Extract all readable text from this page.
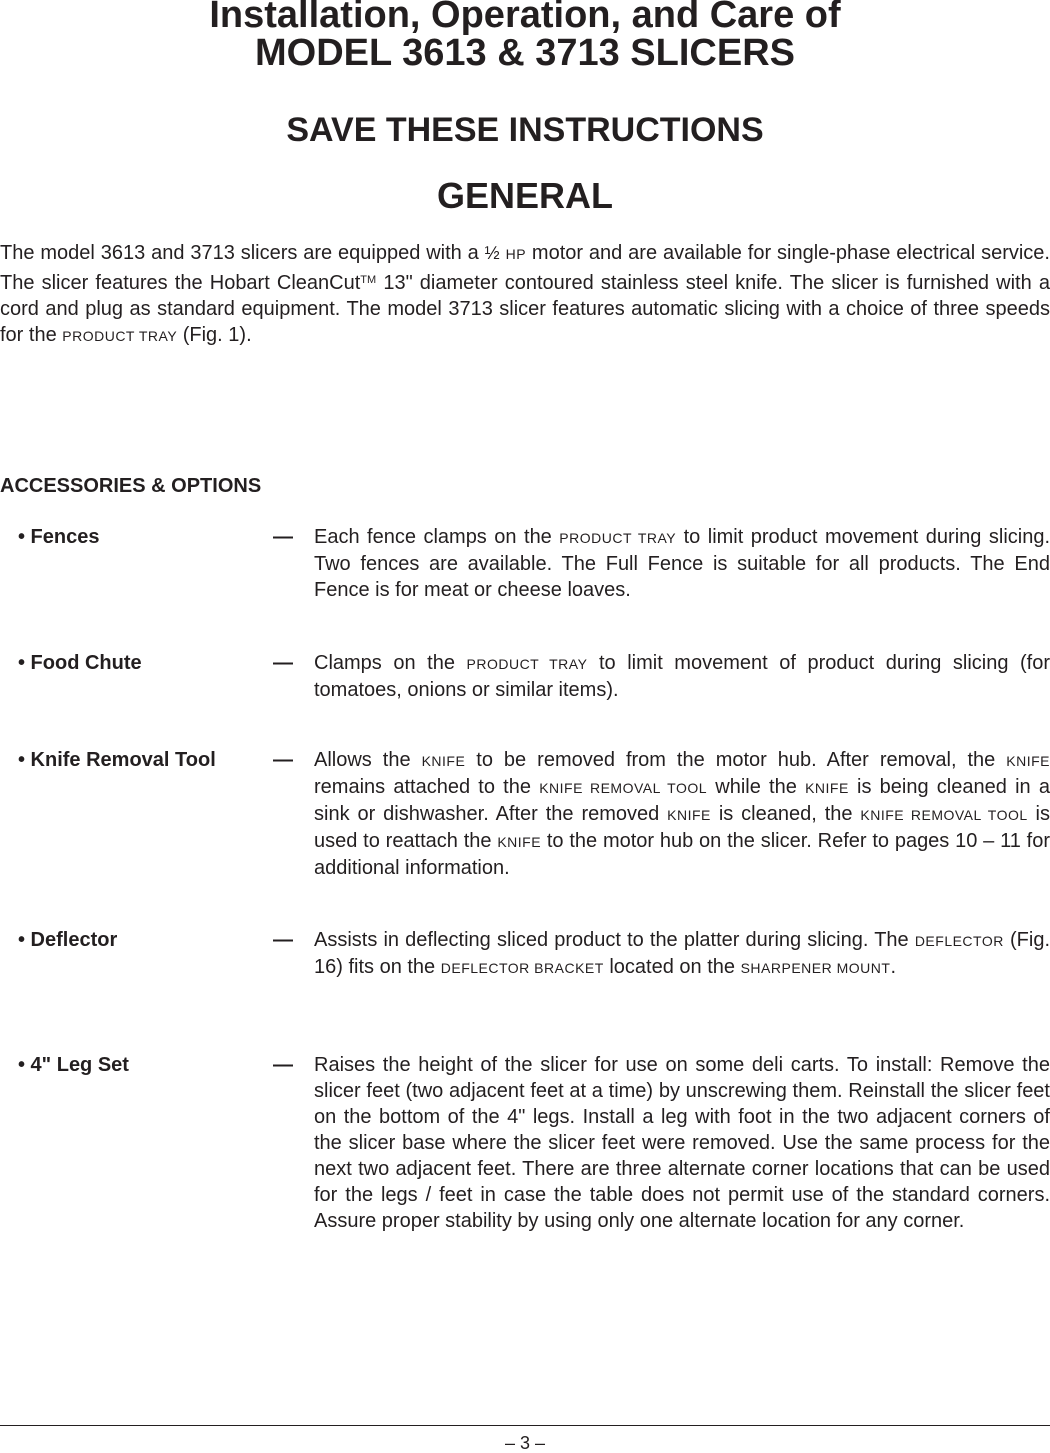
Installation, Operation, and Care of
MODEL 3613 & 3713 SLICERS
SAVE THESE INSTRUCTIONS
GENERAL

The model 3613 and 3713 slicers are equipped with a ½ HP motor and are available for single-phase electrical service. The slicer features the Hobart CleanCut™ 13" diameter contoured stainless steel knife. The slicer is furnished with a cord and plug as standard equipment. The model 3713 slicer features automatic slicing with a choice of three speeds for the PRODUCT TRAY (Fig. 1).

ACCESSORIES & OPTIONS
• Fences	— Each fence clamps on the PRODUCT TRAY to limit product movement during slicing. Two fences are available. The Full Fence is suitable for all products. The End Fence is for meat or cheese loaves.

• Food Chute	— Clamps on the PRODUCT TRAY to limit movement of product during slicing (for tomatoes, onions or similar items).

• Knife Removal Tool	— Allows the KNIFE to be removed from the motor hub. After removal, the KNIFE remains attached to the KNIFE REMOVAL TOOL while the KNIFE is being cleaned in a sink or dishwasher. After the removed KNIFE is cleaned, the KNIFE REMOVAL TOOL is used to reattach the KNIFE to the motor hub on the slicer. Refer to pages 10 – 11 for additional information.

• Deflector	— Assists in deflecting sliced product to the platter during slicing. The DEFLECTOR (Fig. 16) fits on the DEFLECTOR BRACKET located on the SHARPENER MOUNT.

• 4" Leg Set	— Raises the height of the slicer for use on some deli carts. To install: Remove the slicer feet (two adjacent feet at a time) by unscrewing them. Reinstall the slicer feet on the bottom of the 4" legs. Install a leg with foot in the two adjacent corners of the slicer base where the slicer feet were removed. Use the same process for the next two adjacent feet. There are three alternate corner locations that can be used for the legs / feet in case the table does not permit use of the standard corners. Assure proper stability by using only one alternate location for any corner.

– 3 –
